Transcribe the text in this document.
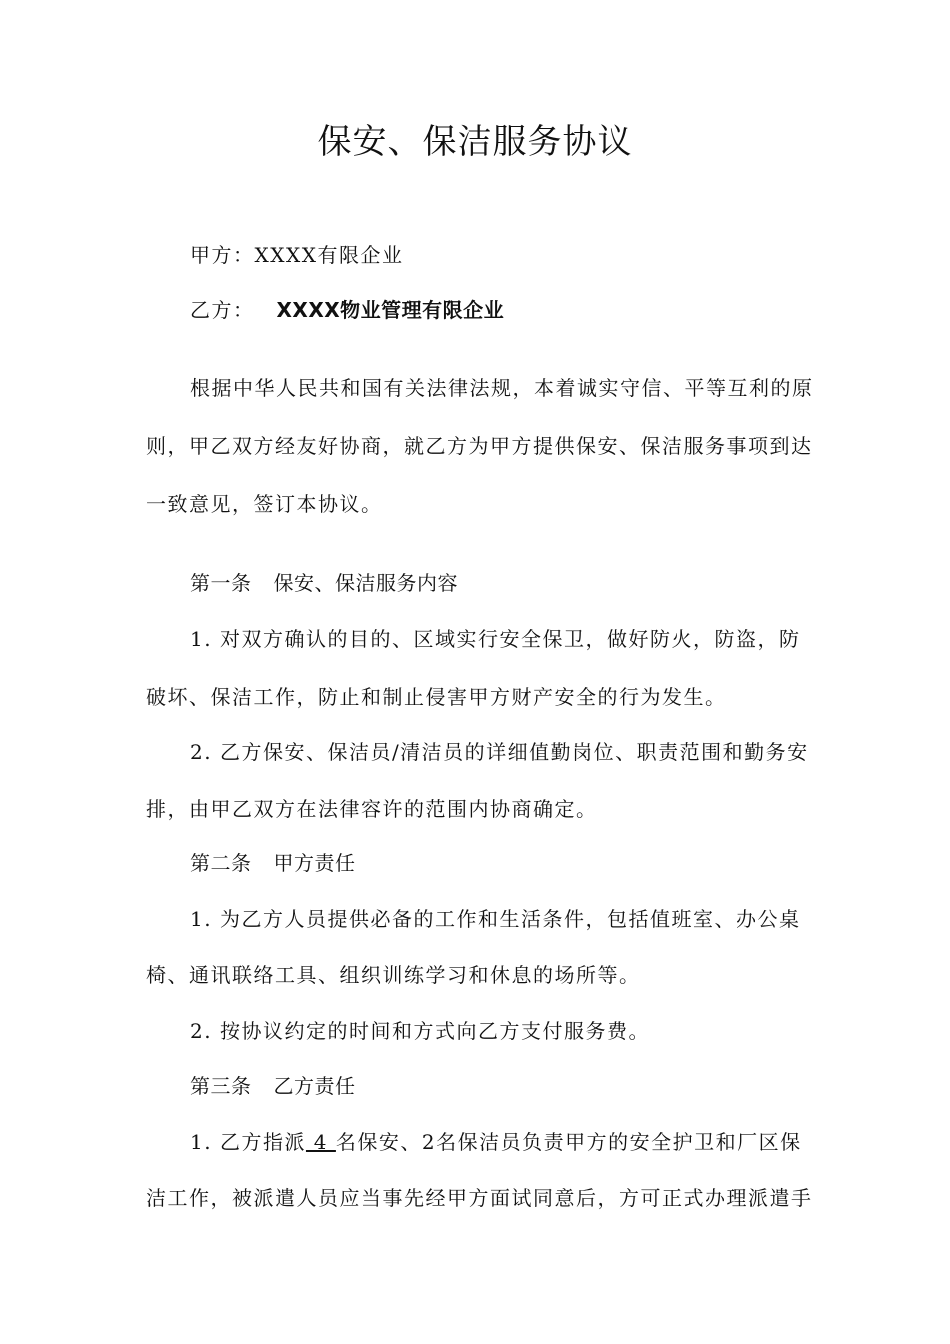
保安、保洁服务协议
甲方：XXXX有限企业
乙方： XXXX物业管理有限企业
根据中华人民共和国有关法律法规，本着诚实守信、平等互利的原
则，甲乙双方经友好协商，就乙方为甲方提供保安、保洁服务事项到达
一致意见，签订本协议。
第一条 保安、保洁服务内容
1. 对双方确认的目的、区域实行安全保卫，做好防火，防盗，防
破坏、保洁工作，防止和制止侵害甲方财产安全的行为发生。
2. 乙方保安、保洁员/清洁员的详细值勤岗位、职责范围和勤务安
排，由甲乙双方在法律容许的范围内协商确定。
第二条 甲方责任
1. 为乙方人员提供必备的工作和生活条件，包括值班室、办公桌
椅、通讯联络工具、组织训练学习和休息的场所等。
2. 按协议约定的时间和方式向乙方支付服务费。
第三条 乙方责任
1. 乙方指派 4 名保安、2名保洁员负责甲方的安全护卫和厂区保
洁工作，被派遣人员应当事先经甲方面试同意后，方可正式办理派遣手
